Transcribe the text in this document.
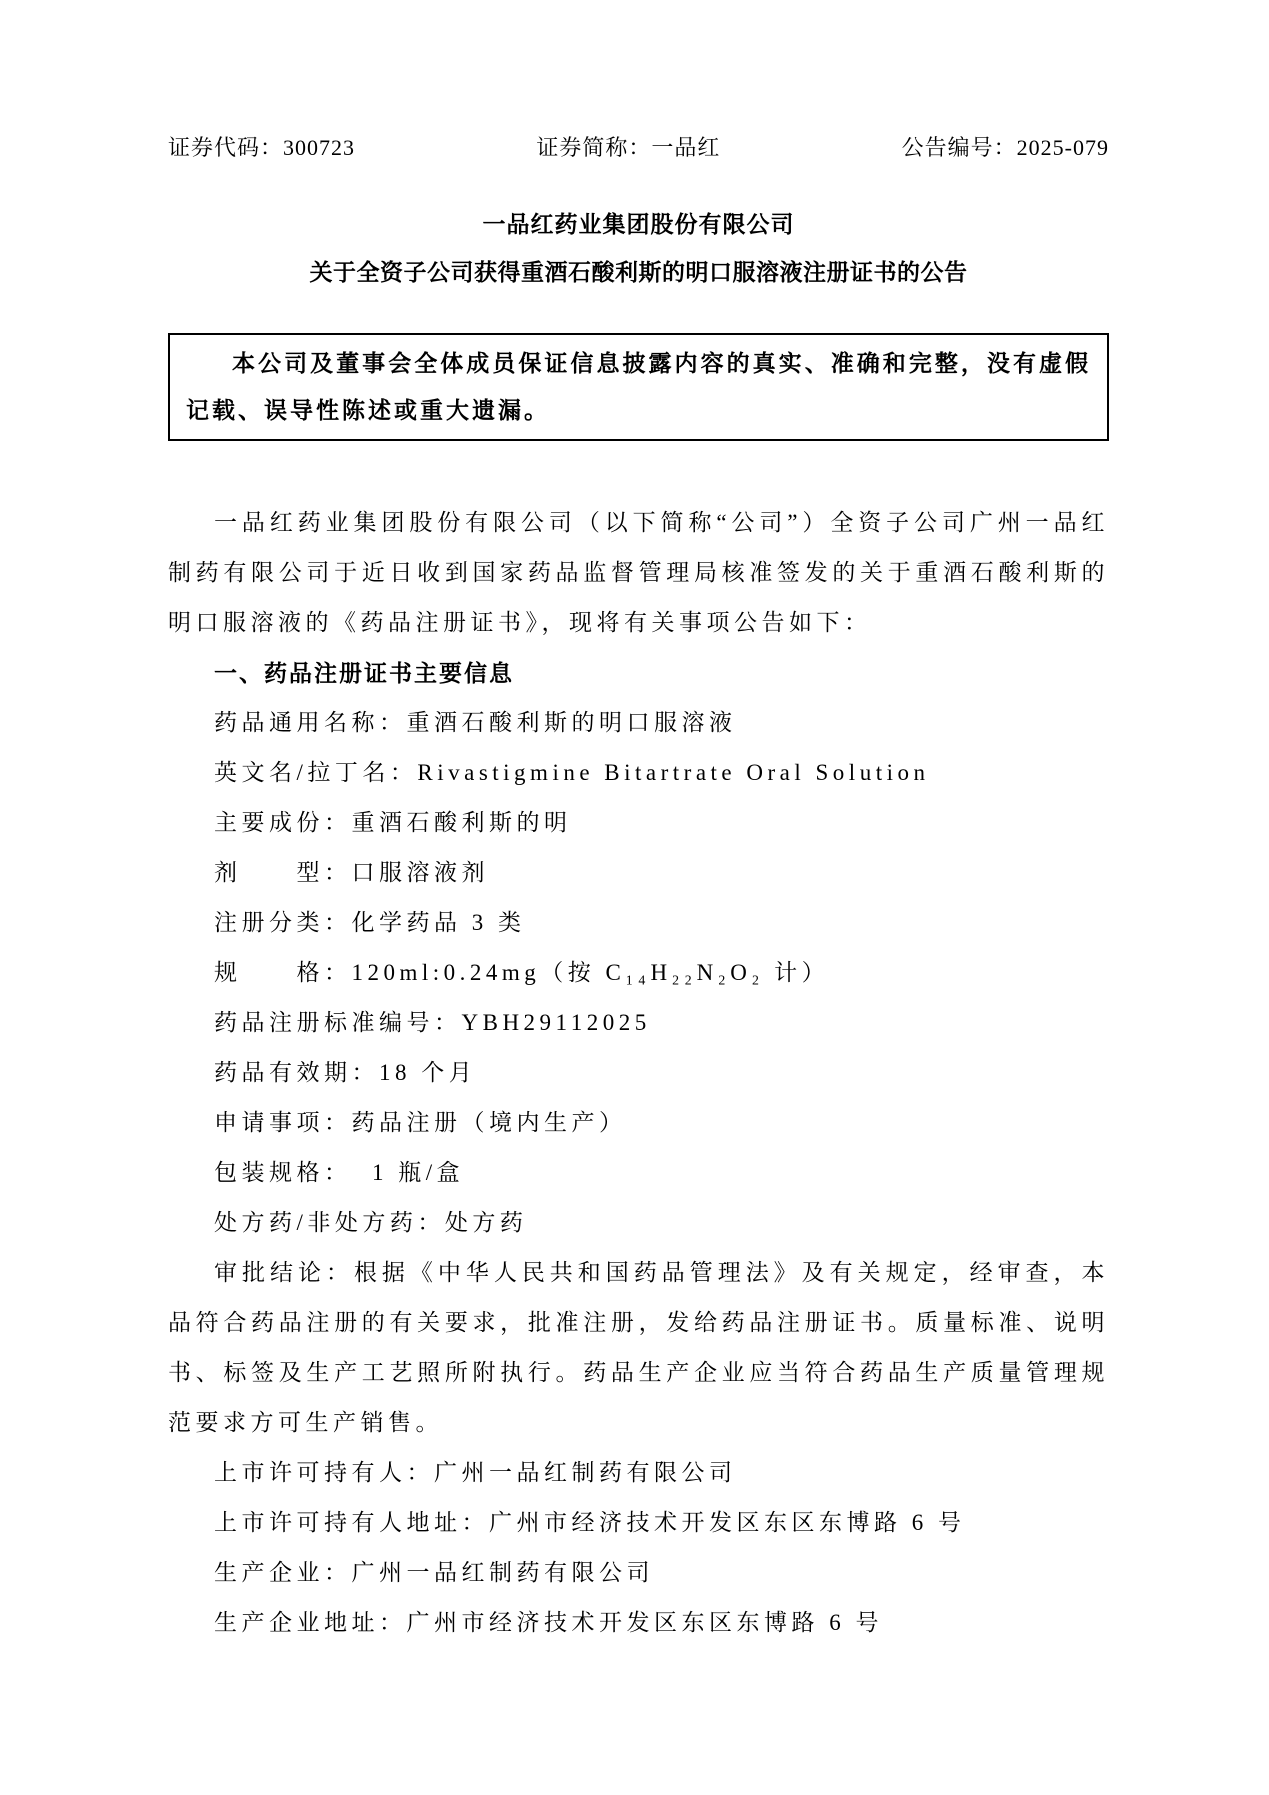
证券代码：300723	证券简称：一品红	公告编号：2025-079
一品红药业集团股份有限公司
关于全资子公司获得重酒石酸利斯的明口服溶液注册证书的公告

本公司及董事会全体成员保证信息披露内容的真实、准确和完整，没有虚假记载、误导性陈述或重大遗漏。

一品红药业集团股份有限公司（以下简称“公司”）全资子公司广州一品红制药有限公司于近日收到国家药品监督管理局核准签发的关于重酒石酸利斯的明口服溶液的《药品注册证书》，现将有关事项公告如下：

一、药品注册证书主要信息

药品通用名称：重酒石酸利斯的明口服溶液

英文名/拉丁名：Rivastigmine Bitartrate Oral Solution

主要成份：重酒石酸利斯的明

剂　　型：口服溶液剂

注册分类：化学药品 3 类

规　　格：120ml:0.24mg（按 C₁₄H₂₂N₂O₂ 计）

药品注册标准编号：YBH29112025

药品有效期：18 个月

申请事项：药品注册（境内生产）

包装规格：  1 瓶/盒

处方药/非处方药：处方药

审批结论：根据《中华人民共和国药品管理法》及有关规定，经审查，本品符合药品注册的有关要求，批准注册，发给药品注册证书。质量标准、说明书、标签及生产工艺照所附执行。药品生产企业应当符合药品生产质量管理规范要求方可生产销售。

上市许可持有人：广州一品红制药有限公司

上市许可持有人地址：广州市经济技术开发区东区东博路 6 号

生产企业：广州一品红制药有限公司

生产企业地址：广州市经济技术开发区东区东博路 6 号
